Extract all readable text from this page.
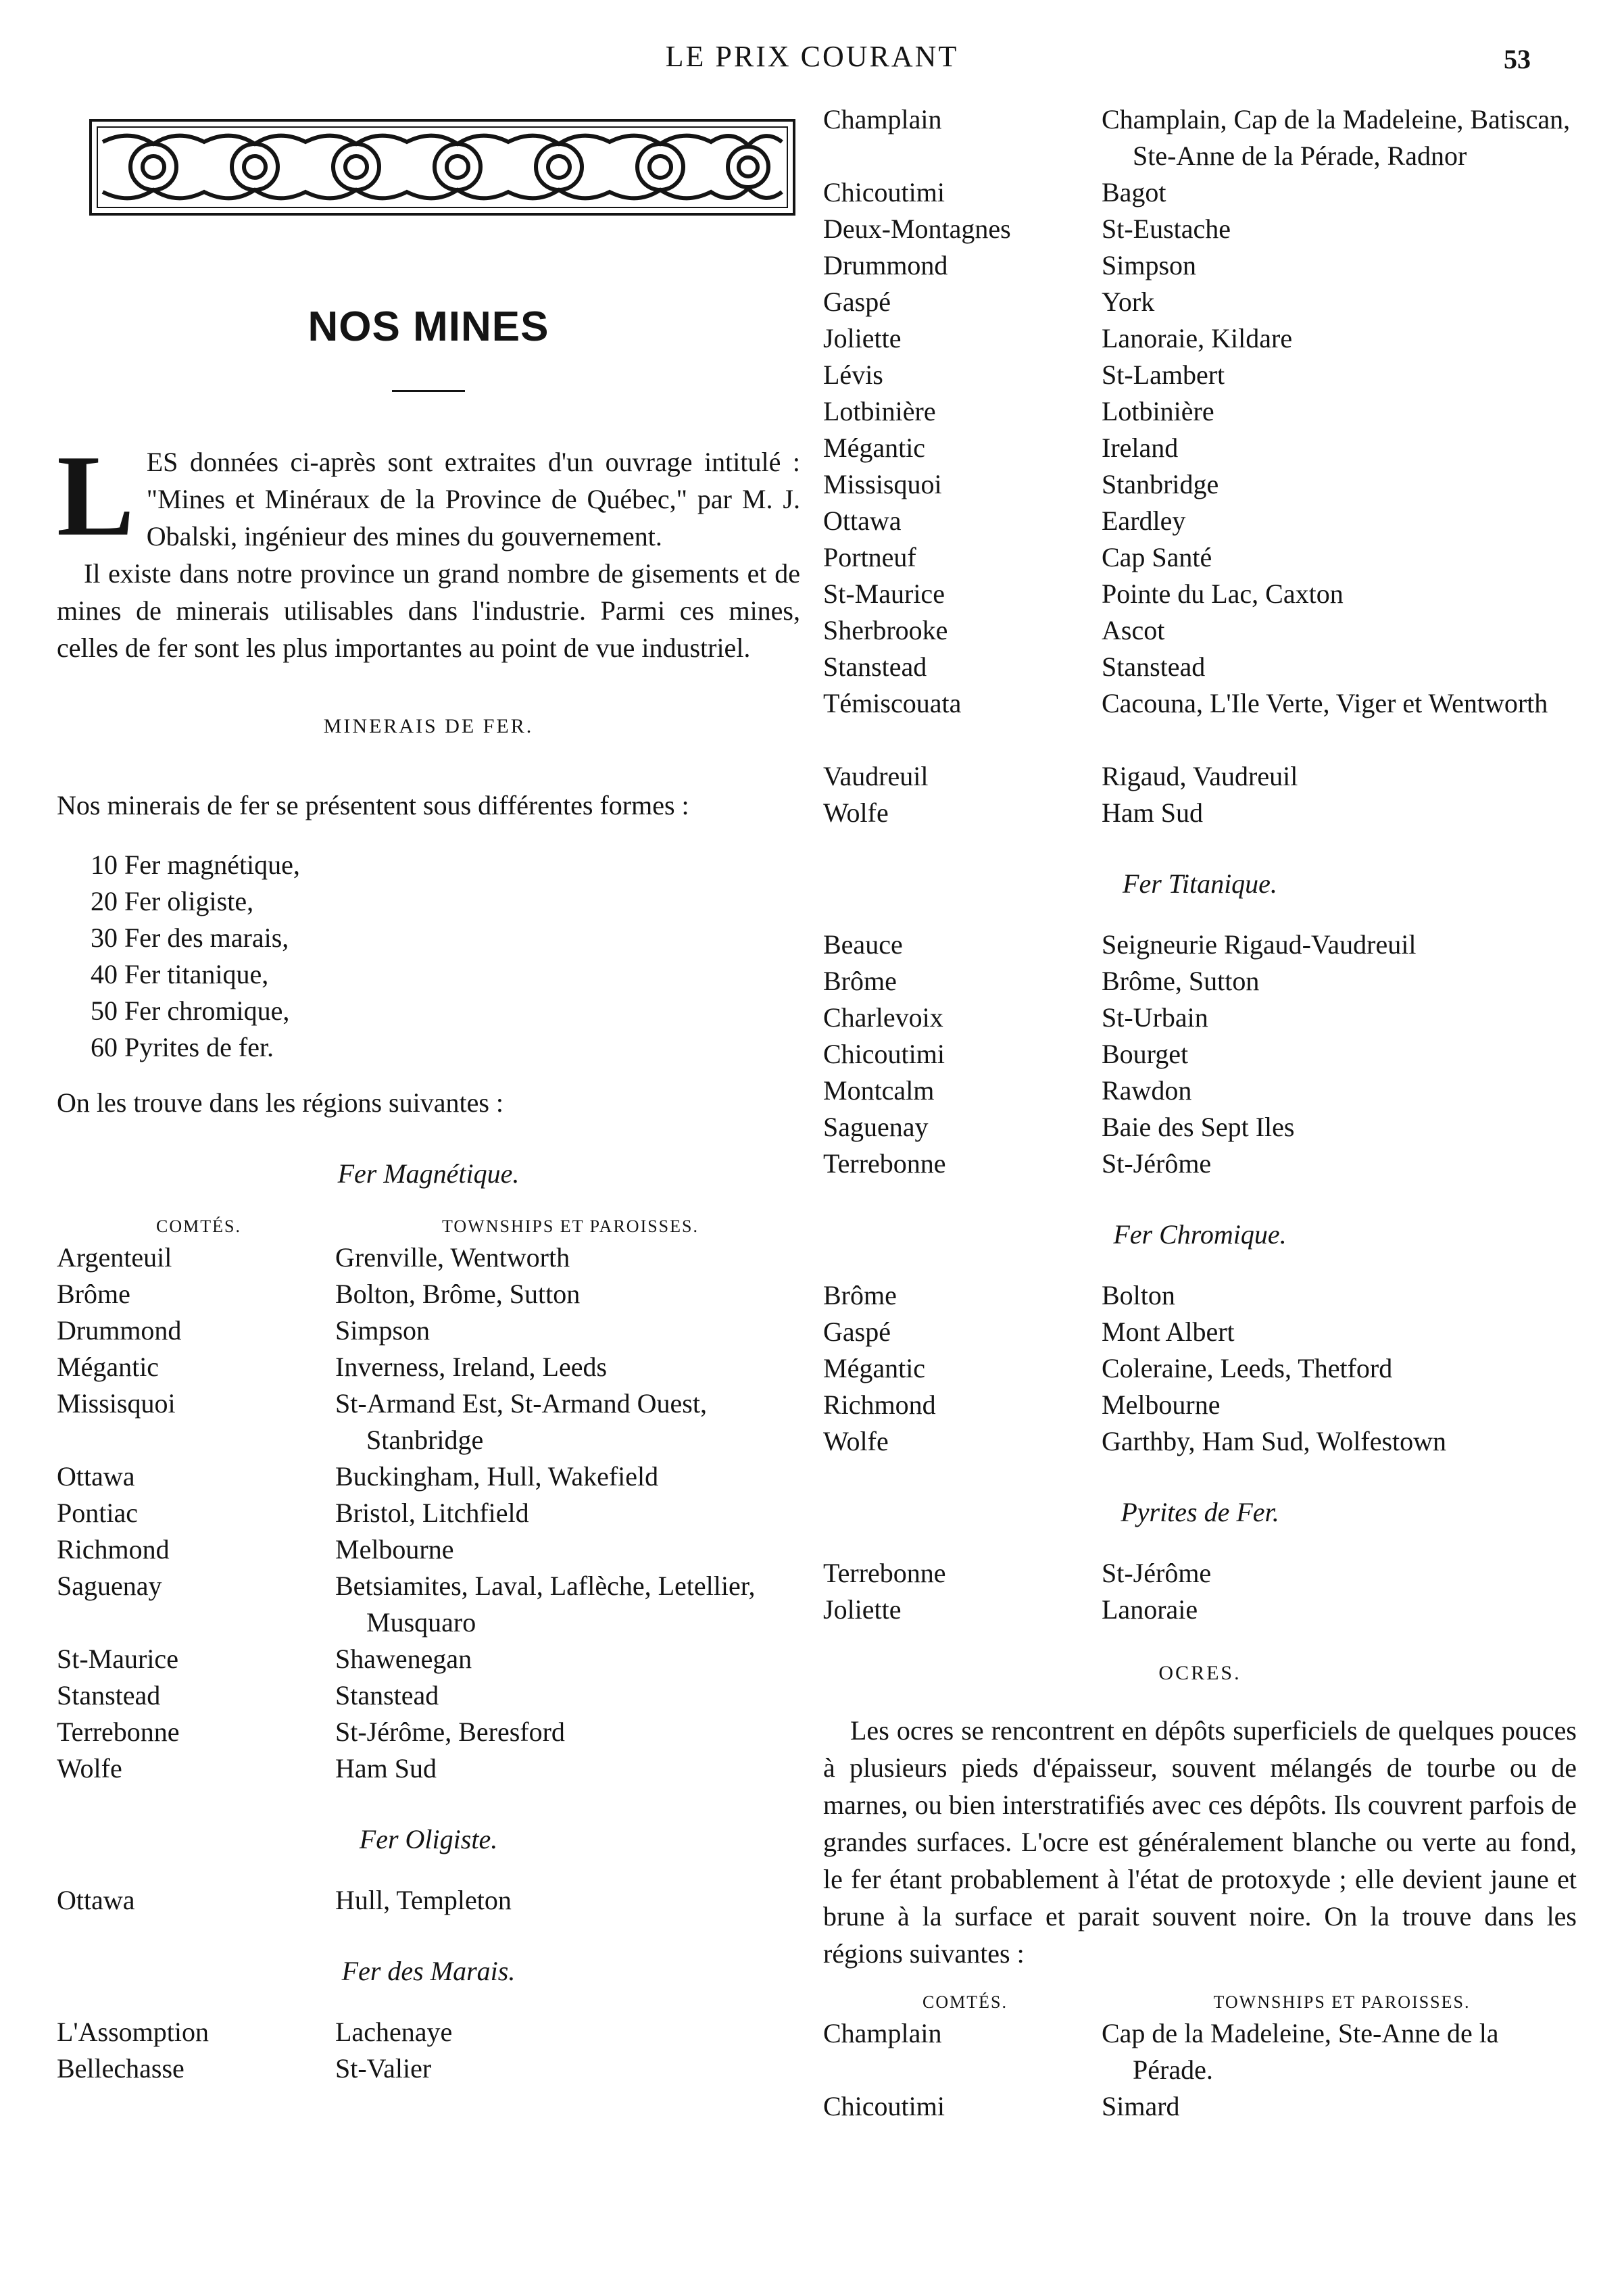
LE PRIX COURANT	53
NOS MINES

LES données ci-après sont extraites d'un ouvrage intitulé : "Mines et Minéraux de la Province de Québec," par M. J. Obalski, ingénieur des mines du gouvernement.

Il existe dans notre province un grand nombre de gisements et de mines de minerais utilisables dans l'industrie. Parmi ces mines, celles de fer sont les plus importantes au point de vue industriel.

MINERAIS DE FER.

Nos minerais de fer se présentent sous différentes formes :

10 Fer magnétique,
20 Fer oligiste,
30 Fer des marais,
40 Fer titanique,
50 Fer chromique,
60 Pyrites de fer.
On les trouve dans les régions suivantes :
Fer Magnétique.
COMTÉS.	TOWNSHIPS ET PAROISSES.
Argenteuil	Grenville, Wentworth

Brôme	Bolton, Brôme, Sutton

Drummond	Simpson

Mégantic	Inverness, Ireland, Leeds

Missisquoi	St-Armand Est, St-Armand Ouest, Stanbridge

Ottawa	Buckingham, Hull, Wakefield

Pontiac	Bristol, Litchfield

Richmond	Melbourne

Saguenay	Betsiamites, Laval, Laflèche, Letellier, Musquaro

St-Maurice	Shawenegan

Stanstead	Stanstead

Terrebonne	St-Jérôme, Beresford

Wolfe	Ham Sud
Fer Oligiste.
Ottawa	Hull, Templeton
Fer des Marais.
L'Assomption	Lachenaye

Bellechasse	St-Valier
Champlain	Champlain, Cap de la Madeleine, Batiscan, Ste-Anne de la Pérade, Radnor

Chicoutimi	Bagot

Deux-Montagnes	St-Eustache

Drummond	Simpson

Gaspé	York

Joliette	Lanoraie, Kildare

Lévis	St-Lambert

Lotbinière	Lotbinière

Mégantic	Ireland

Missisquoi	Stanbridge

Ottawa	Eardley

Portneuf	Cap Santé

St-Maurice	Pointe du Lac, Caxton

Sherbrooke	Ascot

Stanstead	Stanstead

Témiscouata	Cacouna, L'Ile Verte, Viger et Wentworth

Vaudreuil	Rigaud, Vaudreuil

Wolfe	Ham Sud
Fer Titanique.
Beauce	Seigneurie Rigaud-Vaudreuil

Brôme	Brôme, Sutton

Charlevoix	St-Urbain

Chicoutimi	Bourget

Montcalm	Rawdon

Saguenay	Baie des Sept Iles

Terrebonne	St-Jérôme
Fer Chromique.
Brôme	Bolton

Gaspé	Mont Albert

Mégantic	Coleraine, Leeds, Thetford

Richmond	Melbourne

Wolfe	Garthby, Ham Sud, Wolfestown
Pyrites de Fer.
Terrebonne	St-Jérôme

Joliette	Lanoraie
OCRES.

Les ocres se rencontrent en dépôts superficiels de quelques pouces à plusieurs pieds d'épaisseur, souvent mélangés de tourbe ou de marnes, ou bien interstratifiés avec ces dépôts. Ils couvrent parfois de grandes surfaces. L'ocre est généralement blanche ou verte au fond, le fer étant probablement à l'état de protoxyde ; elle devient jaune et brune à la surface et parait souvent noire. On la trouve dans les régions suivantes :

COMTÉS.	TOWNSHIPS ET PAROISSES.
Champlain	Cap de la Madeleine, Ste-Anne de la Pérade.

Chicoutimi	Simard
